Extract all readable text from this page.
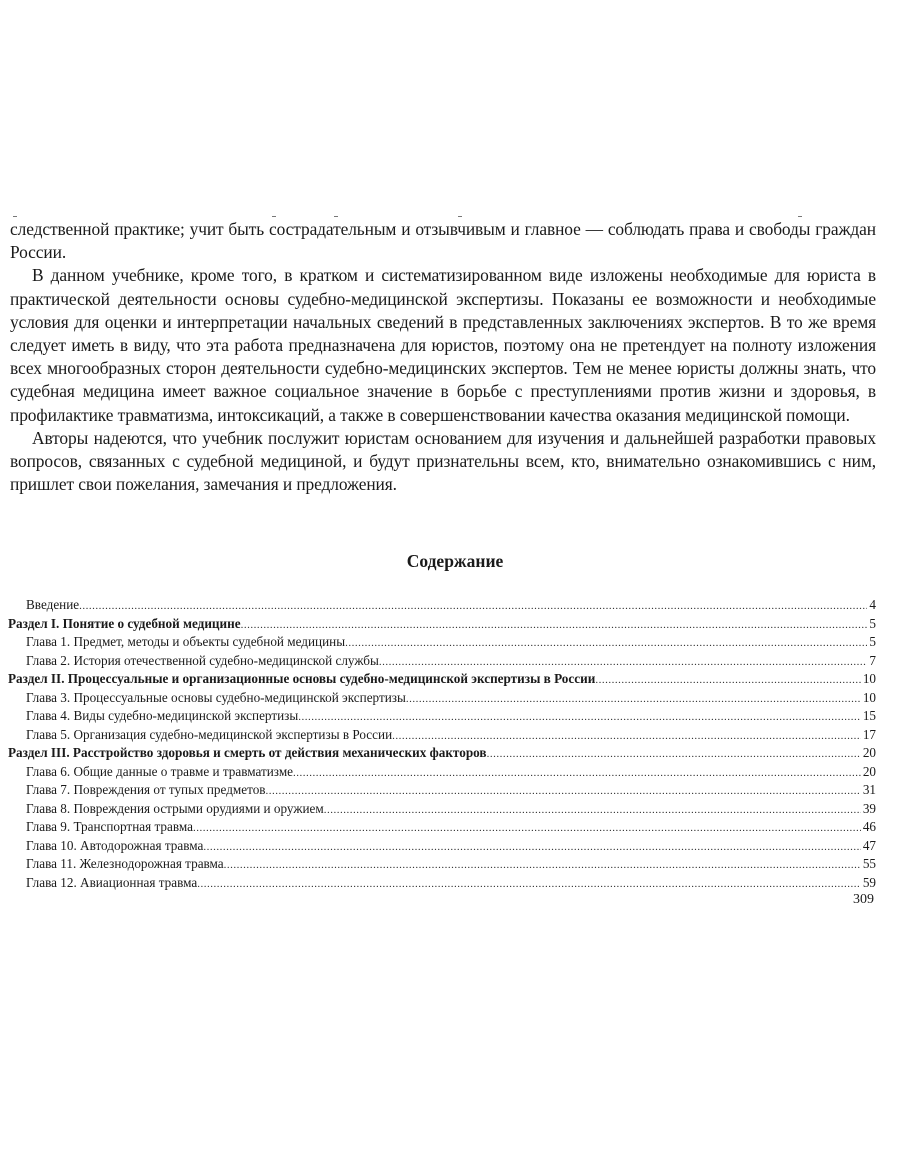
следственной практике; учит быть сострадательным и отзывчивым и главное — соблюдать права и свободы граждан России.

В данном учебнике, кроме того, в кратком и систематизированном виде изложены необходимые для юриста в практической деятельности основы судебно-медицинской экспертизы. Показаны ее возможности и необходимые условия для оценки и интерпретации начальных сведений в представленных заключениях экспертов. В то же время следует иметь в виду, что эта работа предназначена для юристов, поэтому она не претендует на полноту изложения всех многообразных сторон деятельности судебно-медицинских экспертов. Тем не менее юристы должны знать, что судебная медицина имеет важное социальное значение в борьбе с преступлениями против жизни и здоровья, в профилактике травматизма, интоксикаций, а также в совершенствовании качества оказания медицинской помощи.

Авторы надеются, что учебник послужит юристам основанием для изучения и дальнейшей разработки правовых вопросов, связанных с судебной медициной, и будут признательны всем, кто, внимательно ознакомившись с ним, пришлет свои пожелания, замечания и предложения.

Содержание
Введение .....	4
Раздел I. Понятие о судебной медицине .....	5
Глава 1. Предмет, методы и объекты судебной медицины .....	5
Глава 2. История отечественной судебно-медицинской службы .....	7
Раздел II. Процессуальные и организационные основы судебно-медицинской экспертизы в России .....	10
Глава 3. Процессуальные основы судебно-медицинской экспертизы .....	10
Глава 4. Виды судебно-медицинской экспертизы .....	15
Глава 5. Организация судебно-медицинской экспертизы в России .....	17
Раздел III. Расстройство здоровья и смерть от действия механических факторов .....	20
Глава 6. Общие данные о травме и травматизме .....	20
Глава 7. Повреждения от тупых предметов .....	31
Глава 8. Повреждения острыми орудиями и оружием .....	39
Глава 9. Транспортная травма .....	46
Глава 10. Автодорожная травма .....	47
Глава 11. Железнодорожная травма .....	55
Глава 12. Авиационная травма .....	59
309
